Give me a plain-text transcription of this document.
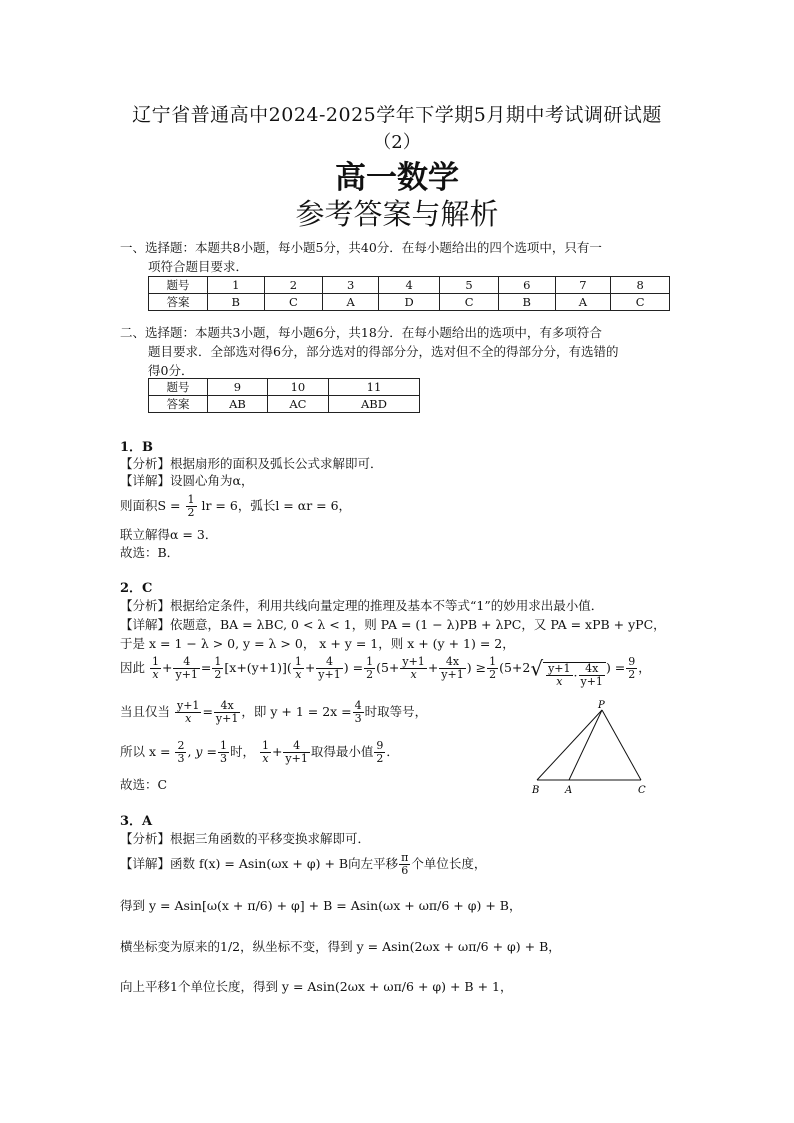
辽宁省普通高中2024-2025学年下学期5月期中考试调研试题
（2）
高一数学
参考答案与解析
一、选择题：本题共8小题，每小题5分，共40分．在每小题给出的四个选项中，只有一
项符合题目要求．
题号	1	2	3	4	5	6	7	8
答案	B	C	A	D	C	B	A	C
二、选择题：本题共3小题，每小题6分，共18分．在每小题给出的选项中，有多项符合
题目要求．全部选对得6分，部分选对的得部分分，选对但不全的得部分分，有选错的
得0分．
题号	9	10	11
答案	AB	AC	ABD
1．B
【分析】根据扇形的面积及弧长公式求解即可．
【详解】设圆心角为α，
则面积$S = \frac{1}{2}$ lr = 6，弧长l = αr = 6，
联立解得α = 3．
故选：B．
2．C
【分析】根据给定条件，利用共线向量定理的推理及基本不等式“1”的妙用求出最小值．
【详解】依题意，BA = λBC, 0 < λ < 1，则 PA = (1 − λ)PB + λPC，又 PA = xPB + yPC，
于是 x = 1 − λ > 0, y = λ > 0， x + y = 1，则 x + (y + 1) = 2，
因此 $\frac{1}{x} + \frac{4}{y+1} = \frac{1}{2} [x+(y+1)]( \frac{1}{x} + \frac{4}{y+1}$ ) = $\frac{1}{2} (5+ \frac{y+1}{x} + \frac{4x}{y+1}$ ) ≥ $\frac{1}{2} (5+2√ \frac{y+1}{x} \cdot \frac{4x}{y+1}$ ) = $\frac{9}{2}$ ，
当且仅当 $\frac{y+1}{x} = \frac{4x}{y+1}$ ，即 $y + 1 = 2x = \frac{4}{3}$ 时取等号，
所以 $x = \frac{2}{3}$ , $y = \frac{1}{3}$ 时， $\frac{1}{x} + \frac{4}{y+1}$ 取得最小值 $\frac{9}{2}$ ．
故选：C
P
B	A	C
3．A
【分析】根据三角函数的平移变换求解即可．
【详解】函数 f(x) = Asin(ωx + φ) + B向左平移 $\frac{\pi}{6}$ 个单位长度，
得到 y = Asin[ω(x + π/6) + φ] + B = Asin(ωx + ωπ/6 + φ) + B，
横坐标变为原来的1/2，纵坐标不变，得到 y = Asin(2ωx + ωπ/6 + φ) + B，
向上平移1个单位长度，得到 y = Asin(2ωx + ωπ/6 + φ) + B + 1，
